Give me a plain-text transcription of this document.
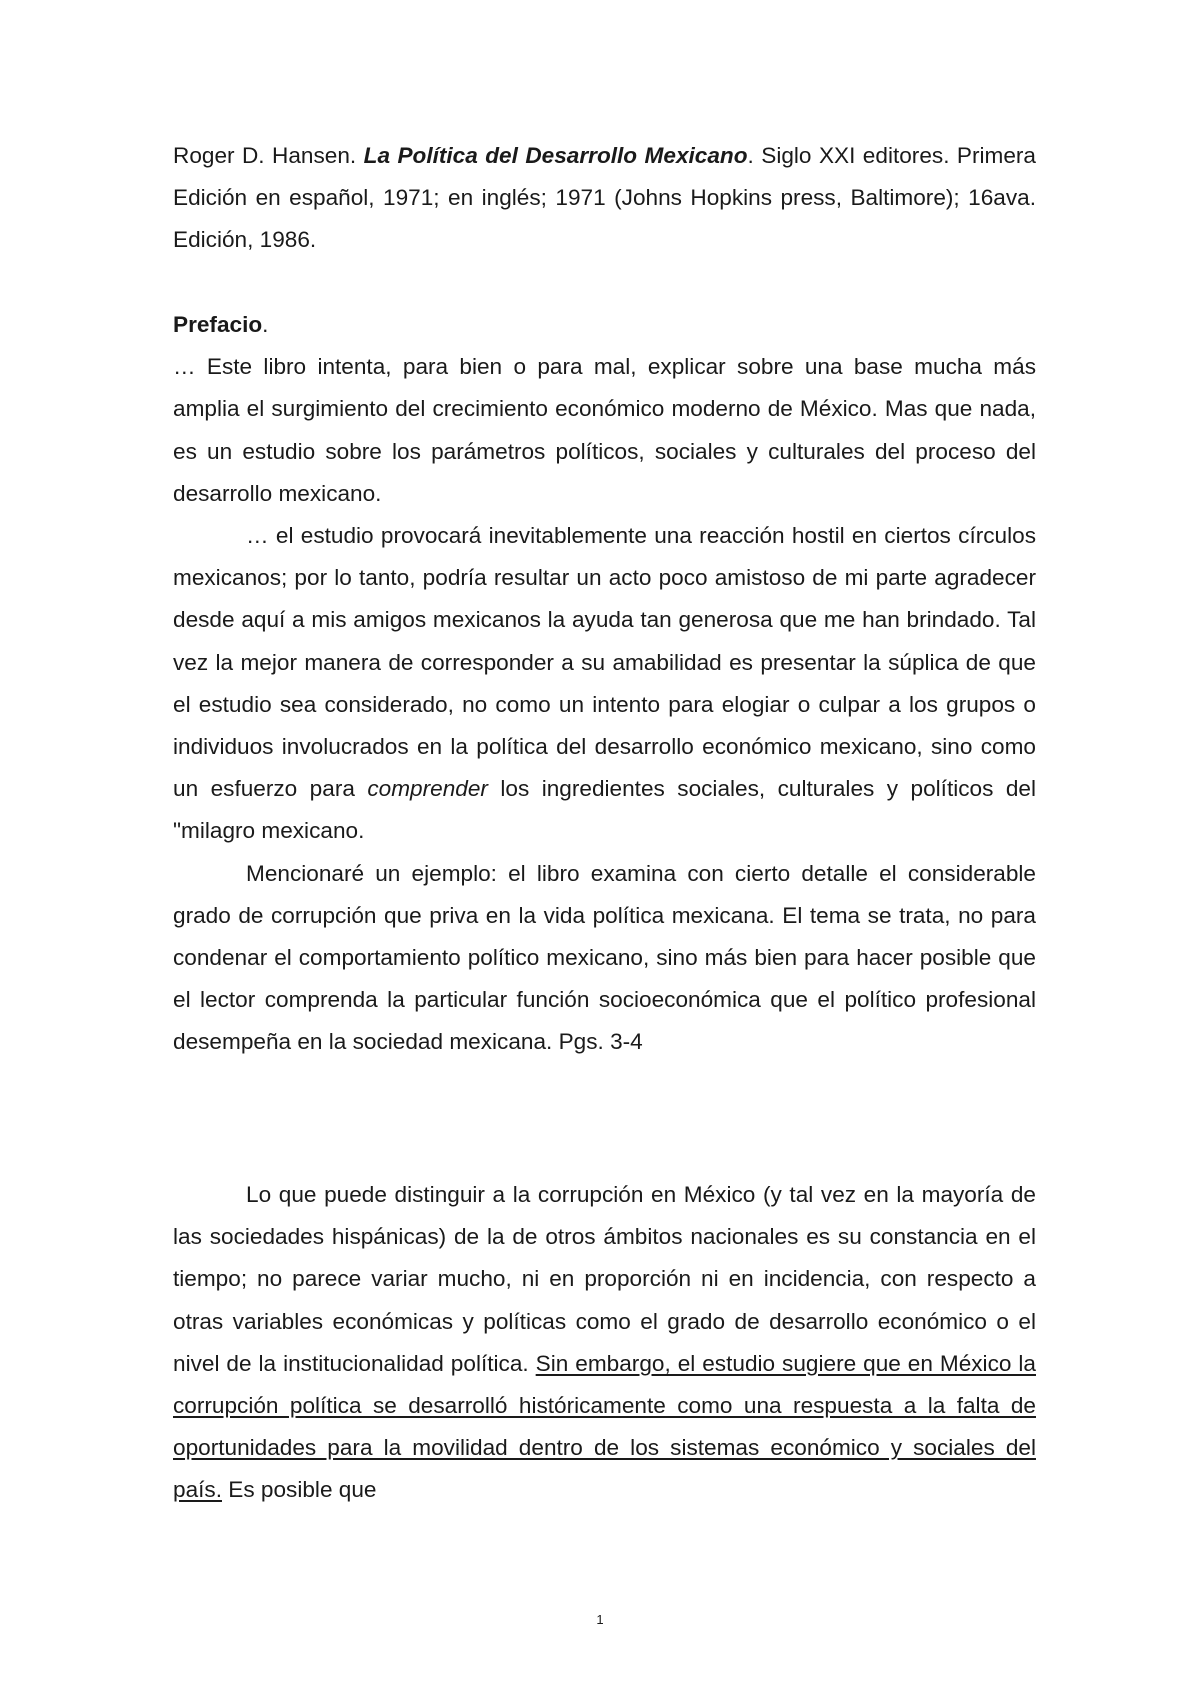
Roger D. Hansen. La Política del Desarrollo Mexicano. Siglo XXI editores. Primera Edición en español, 1971; en inglés; 1971 (Johns Hopkins press, Baltimore); 16ava. Edición, 1986.

Prefacio.

… Este libro intenta, para bien o para mal, explicar sobre una base mucha más amplia el surgimiento del crecimiento económico moderno de México. Mas que nada, es un estudio sobre los parámetros políticos, sociales y culturales del proceso del desarrollo mexicano.

… el estudio provocará inevitablemente una reacción hostil en ciertos círculos mexicanos; por lo tanto, podría resultar un acto poco amistoso de mi parte agradecer desde aquí a mis amigos mexicanos la ayuda tan generosa que me han brindado. Tal vez la mejor manera de corresponder a su amabilidad es presentar la súplica de que el estudio sea considerado, no como un intento para elogiar o culpar a los grupos o individuos involucrados en la política del desarrollo económico mexicano, sino como un esfuerzo para comprender los ingredientes sociales, culturales y políticos del "milagro mexicano.

Mencionaré un ejemplo: el libro examina con cierto detalle el considerable grado de corrupción que priva en la vida política mexicana. El tema se trata, no para condenar el comportamiento político mexicano, sino más bien para hacer posible que el lector comprenda la particular función socioeconómica que el político profesional desempeña en la sociedad mexicana. Pgs. 3-4

Lo que puede distinguir a la corrupción en México (y tal vez en la mayoría de las sociedades hispánicas) de la de otros ámbitos nacionales es su constancia en el tiempo; no parece variar mucho, ni en proporción ni en incidencia, con respecto a otras variables económicas y políticas como el grado de desarrollo económico o el nivel de la institucionalidad política. Sin embargo, el estudio sugiere que en México la corrupción política se desarrolló históricamente como una respuesta a la falta de oportunidades para la movilidad dentro de los sistemas económico y sociales del país. Es posible que

1
